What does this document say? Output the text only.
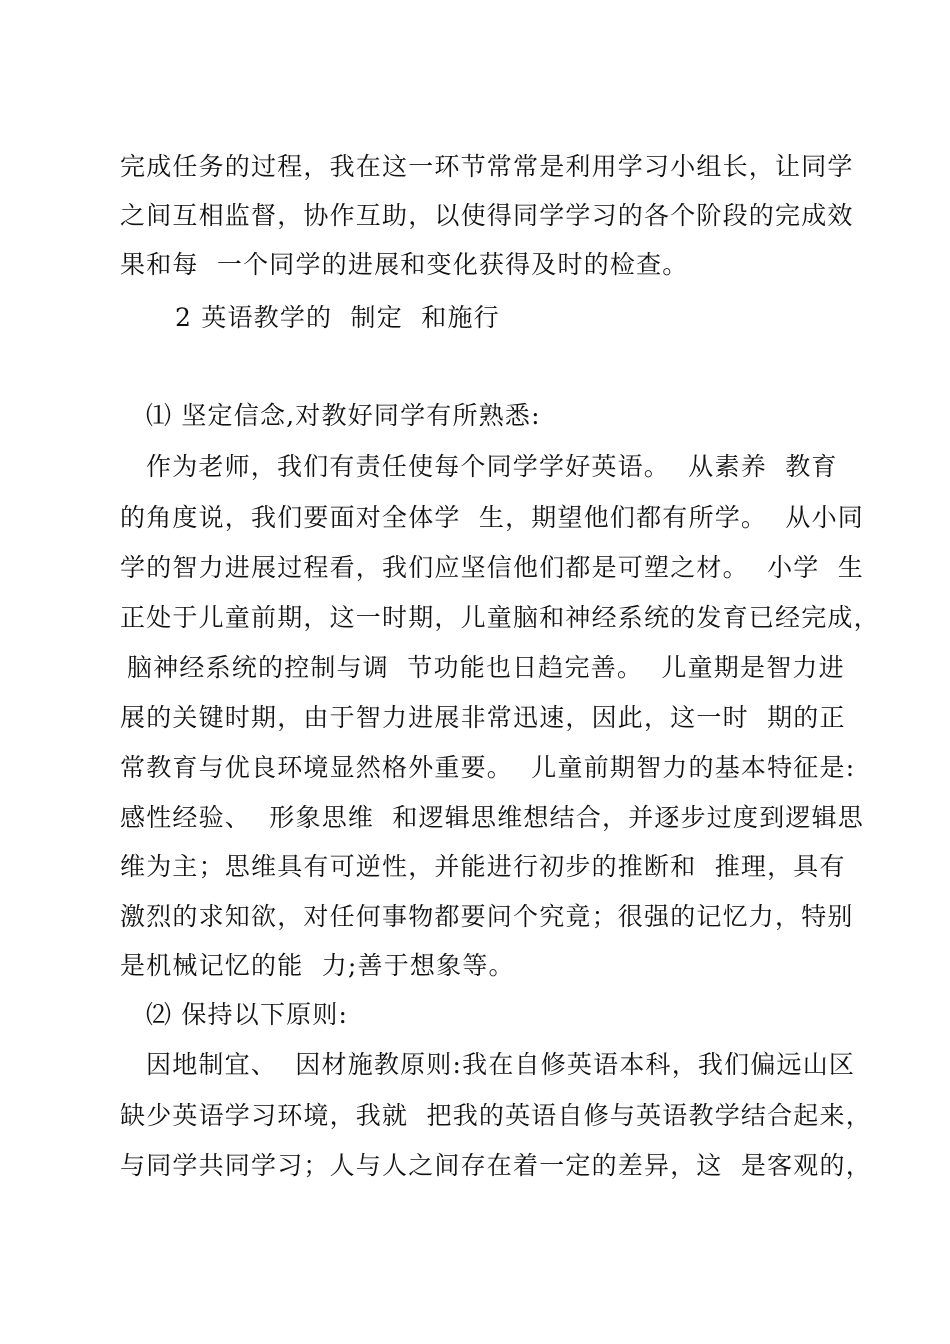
完成任务的过程，我在这一环节常常是利用学习小组长，让同学
之间互相监督，协作互助，以使得同学学习的各个阶段的完成效
果和每  一个同学的进展和变化获得及时的检查。
2 英语教学的  制定  和施行
⑴ 坚定信念,对教好同学有所熟悉:
作为老师，我们有责任使每个同学学好英语。  从素养  教育
的角度说，我们要面对全体学  生，期望他们都有所学。  从小同
学的智力进展过程看，我们应坚信他们都是可塑之材。  小学  生
正处于儿童前期，这一时期，儿童脑和神经系统的发育已经完成，
脑神经系统的控制与调  节功能也日趋完善。  儿童期是智力进
展的关键时期，由于智力进展非常迅速，因此，这一时  期的正
常教育与优良环境显然格外重要。  儿童前期智力的基本特征是:
感性经验、  形象思维  和逻辑思维想结合，并逐步过度到逻辑思
维为主；思维具有可逆性，并能进行初步的推断和  推理，具有
激烈的求知欲，对任何事物都要问个究竟；很强的记忆力，特别
是机械记忆的能  力;善于想象等。
⑵ 保持以下原则:
因地制宜、  因材施教原则:我在自修英语本科，我们偏远山区
缺少英语学习环境，我就  把我的英语自修与英语教学结合起来，
与同学共同学习；人与人之间存在着一定的差异，这  是客观的，
